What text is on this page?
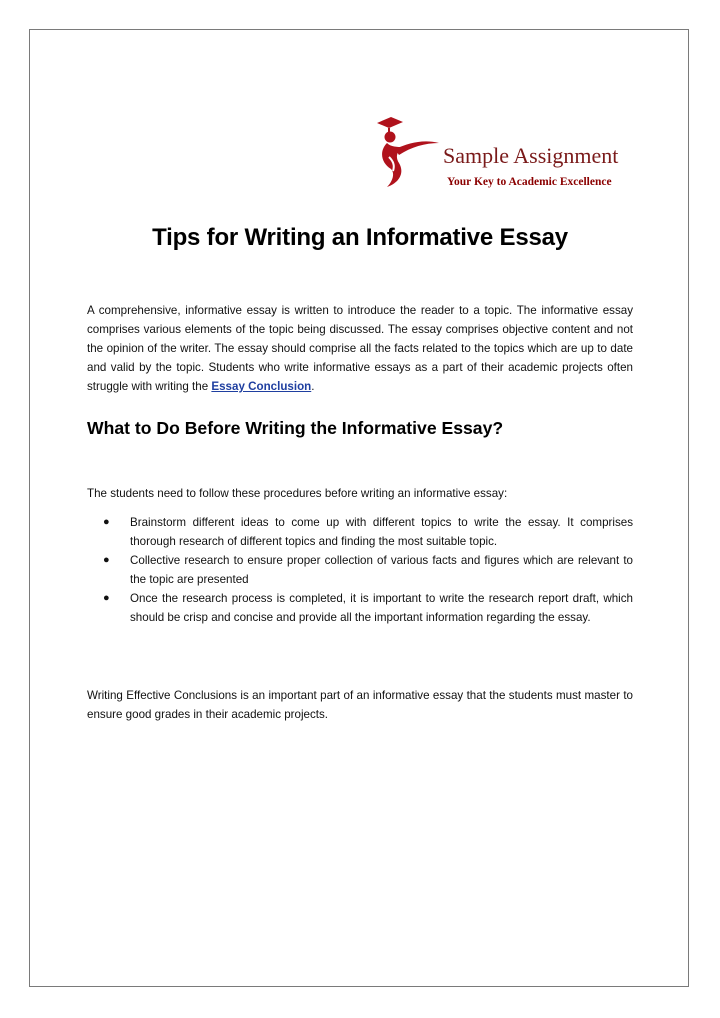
Sample Assignment
Your Key to Academic Excellence
Tips for Writing an Informative Essay

A comprehensive, informative essay is written to introduce the reader to a topic. The informative essay comprises various elements of the topic being discussed. The essay comprises objective content and not the opinion of the writer. The essay should comprise all the facts related to the topics which are up to date and valid by the topic. Students who write informative essays as a part of their academic projects often struggle with writing the Essay Conclusion.

What to Do Before Writing the Informative Essay?

The students need to follow these procedures before writing an informative essay:

● Brainstorm different ideas to come up with different topics to write the essay. It comprises thorough research of different topics and finding the most suitable topic.
● Collective research to ensure proper collection of various facts and figures which are relevant to the topic are presented
● Once the research process is completed, it is important to write the research report draft, which should be crisp and concise and provide all the important information regarding the essay.

Writing Effective Conclusions is an important part of an informative essay that the students must master to ensure good grades in their academic projects.
